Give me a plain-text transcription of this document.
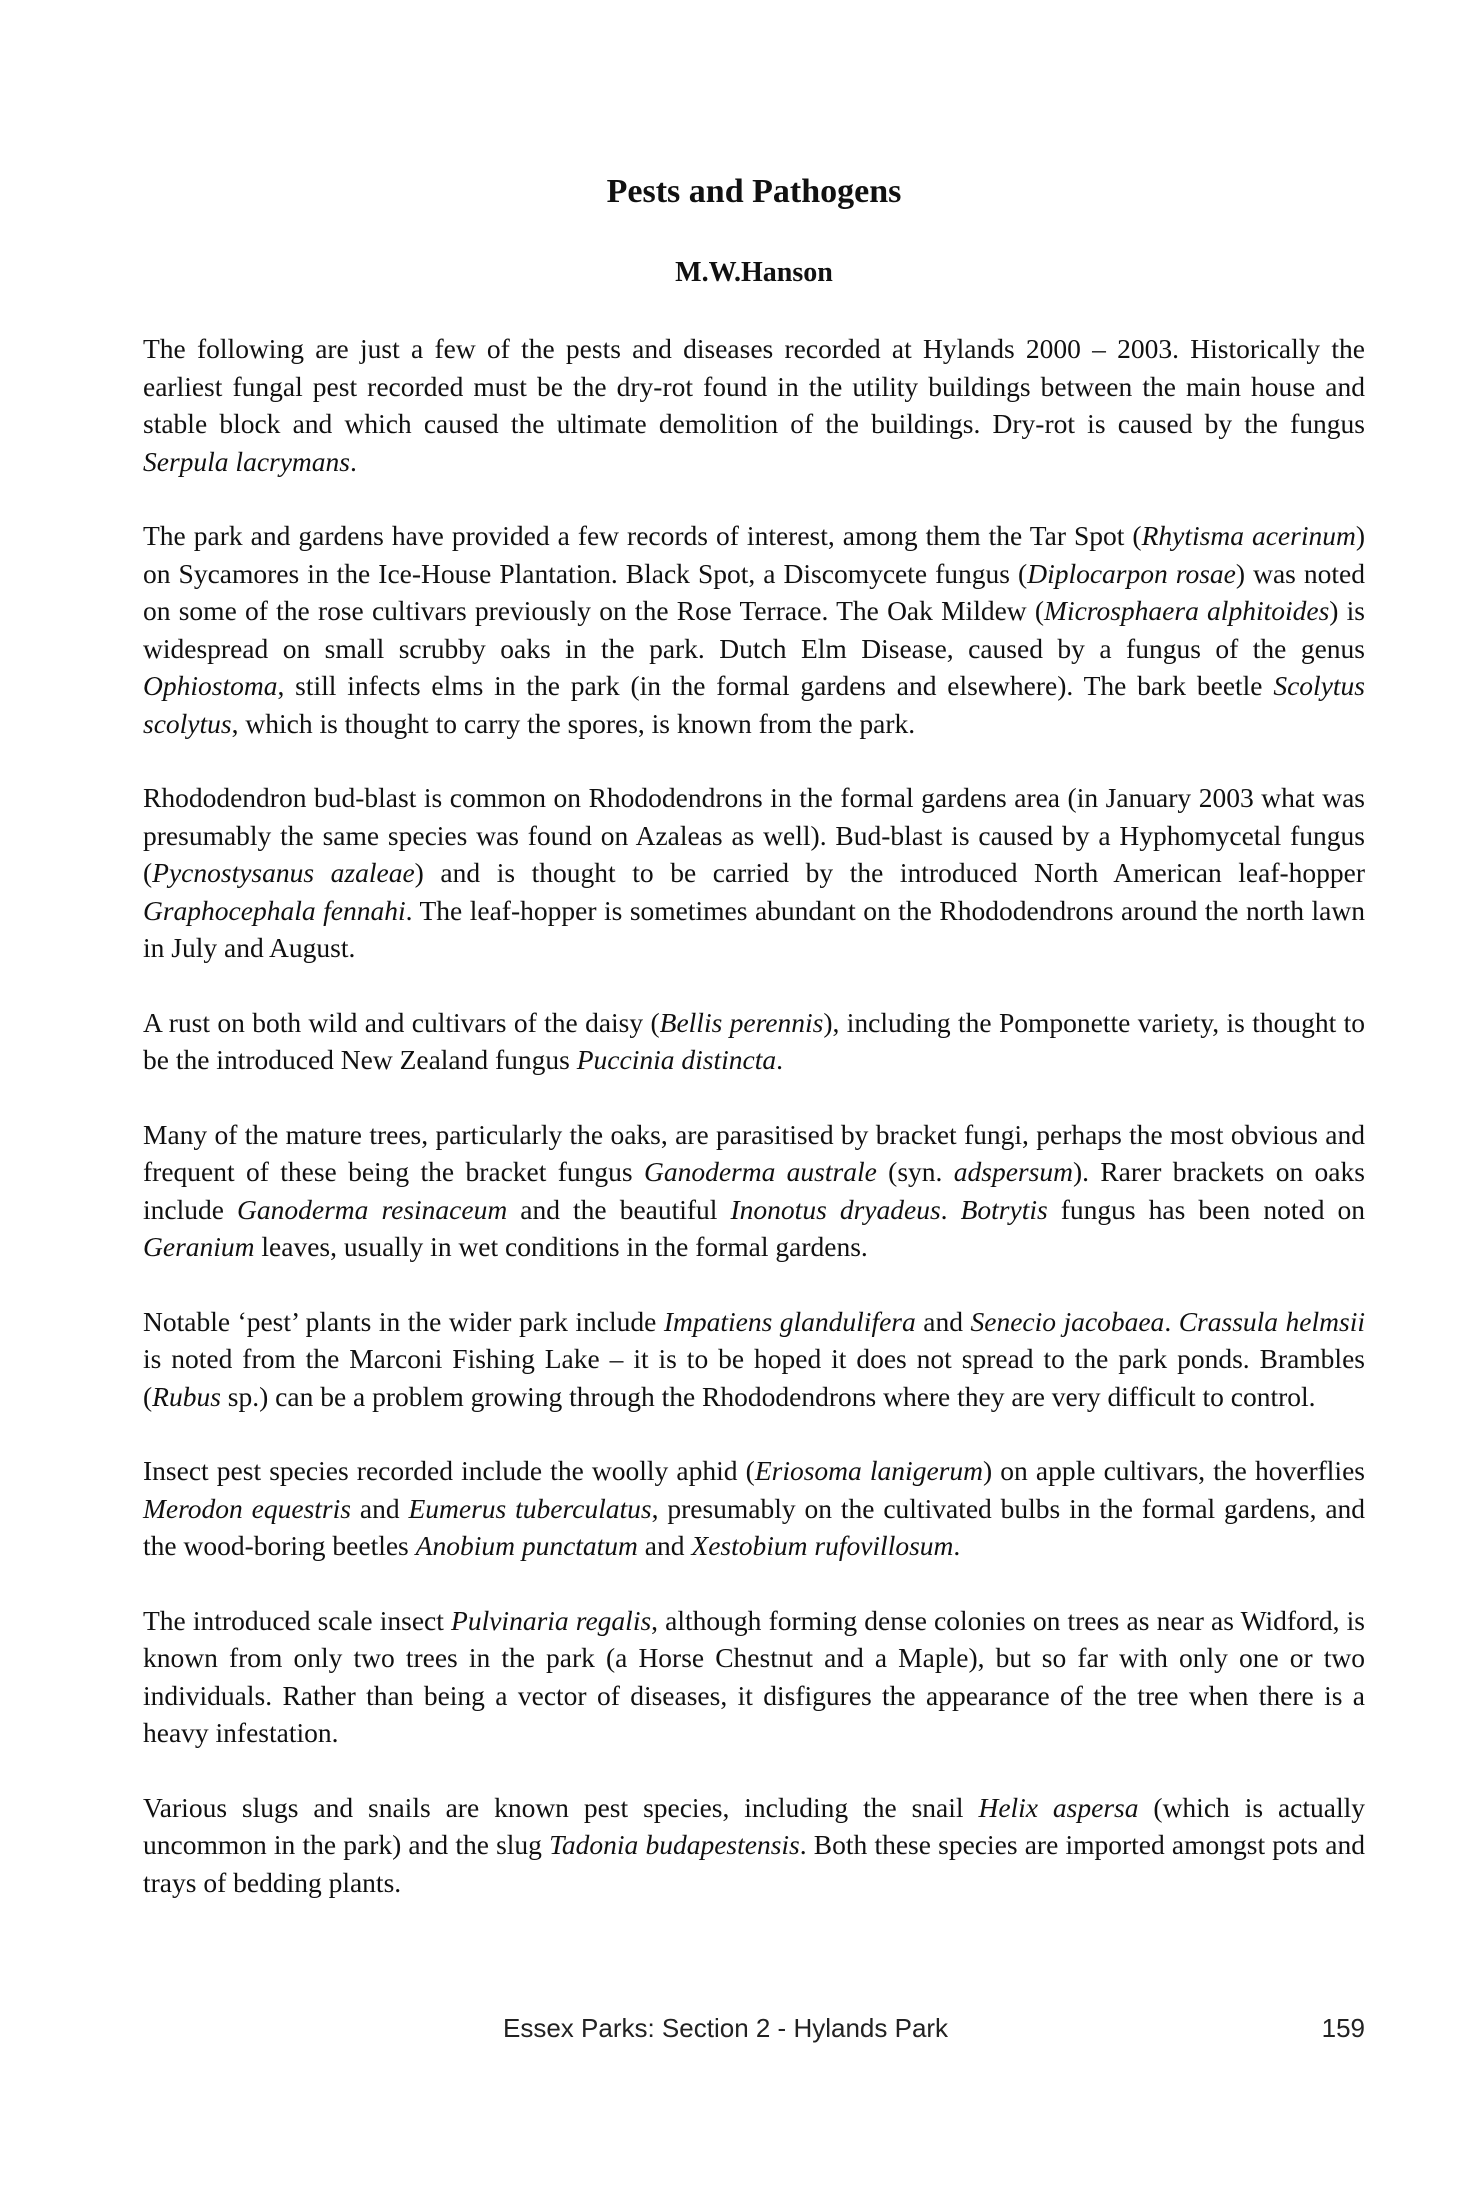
Pests and Pathogens
M.W.Hanson

The following are just a few of the pests and diseases recorded at Hylands 2000 – 2003. Historically the earliest fungal pest recorded must be the dry-rot found in the utility buildings between the main house and stable block and which caused the ultimate demolition of the buildings. Dry-rot is caused by the fungus Serpula lacrymans.

The park and gardens have provided a few records of interest, among them the Tar Spot (Rhytisma acerinum) on Sycamores in the Ice-House Plantation. Black Spot, a Discomycete fungus (Diplocarpon rosae) was noted on some of the rose cultivars previously on the Rose Terrace. The Oak Mildew (Microsphaera alphitoides) is widespread on small scrubby oaks in the park. Dutch Elm Disease, caused by a fungus of the genus Ophiostoma, still infects elms in the park (in the formal gardens and elsewhere). The bark beetle Scolytus scolytus, which is thought to carry the spores, is known from the park.

Rhododendron bud-blast is common on Rhododendrons in the formal gardens area (in January 2003 what was presumably the same species was found on Azaleas as well). Bud-blast is caused by a Hyphomycetal fungus (Pycnostysanus azaleae) and is thought to be carried by the introduced North American leaf-hopper Graphocephala fennahi. The leaf-hopper is sometimes abundant on the Rhododendrons around the north lawn in July and August.

A rust on both wild and cultivars of the daisy (Bellis perennis), including the Pomponette variety, is thought to be the introduced New Zealand fungus Puccinia distincta.

Many of the mature trees, particularly the oaks, are parasitised by bracket fungi, perhaps the most obvious and frequent of these being the bracket fungus Ganoderma australe (syn. adspersum). Rarer brackets on oaks include Ganoderma resinaceum and the beautiful Inonotus dryadeus. Botrytis fungus has been noted on Geranium leaves, usually in wet conditions in the formal gardens.

Notable ‘pest’ plants in the wider park include Impatiens glandulifera and Senecio jacobaea. Crassula helmsii is noted from the Marconi Fishing Lake – it is to be hoped it does not spread to the park ponds. Brambles (Rubus sp.) can be a problem growing through the Rhododendrons where they are very difficult to control.

Insect pest species recorded include the woolly aphid (Eriosoma lanigerum) on apple cultivars, the hoverflies Merodon equestris and Eumerus tuberculatus, presumably on the cultivated bulbs in the formal gardens, and the wood-boring beetles Anobium punctatum and Xestobium rufovillosum.

The introduced scale insect Pulvinaria regalis, although forming dense colonies on trees as near as Widford, is known from only two trees in the park (a Horse Chestnut and a Maple), but so far with only one or two individuals. Rather than being a vector of diseases, it disfigures the appearance of the tree when there is a heavy infestation.

Various slugs and snails are known pest species, including the snail Helix aspersa (which is actually uncommon in the park) and the slug Tadonia budapestensis. Both these species are imported amongst pots and trays of bedding plants.

Essex Parks: Section 2 - Hylands Park	159
